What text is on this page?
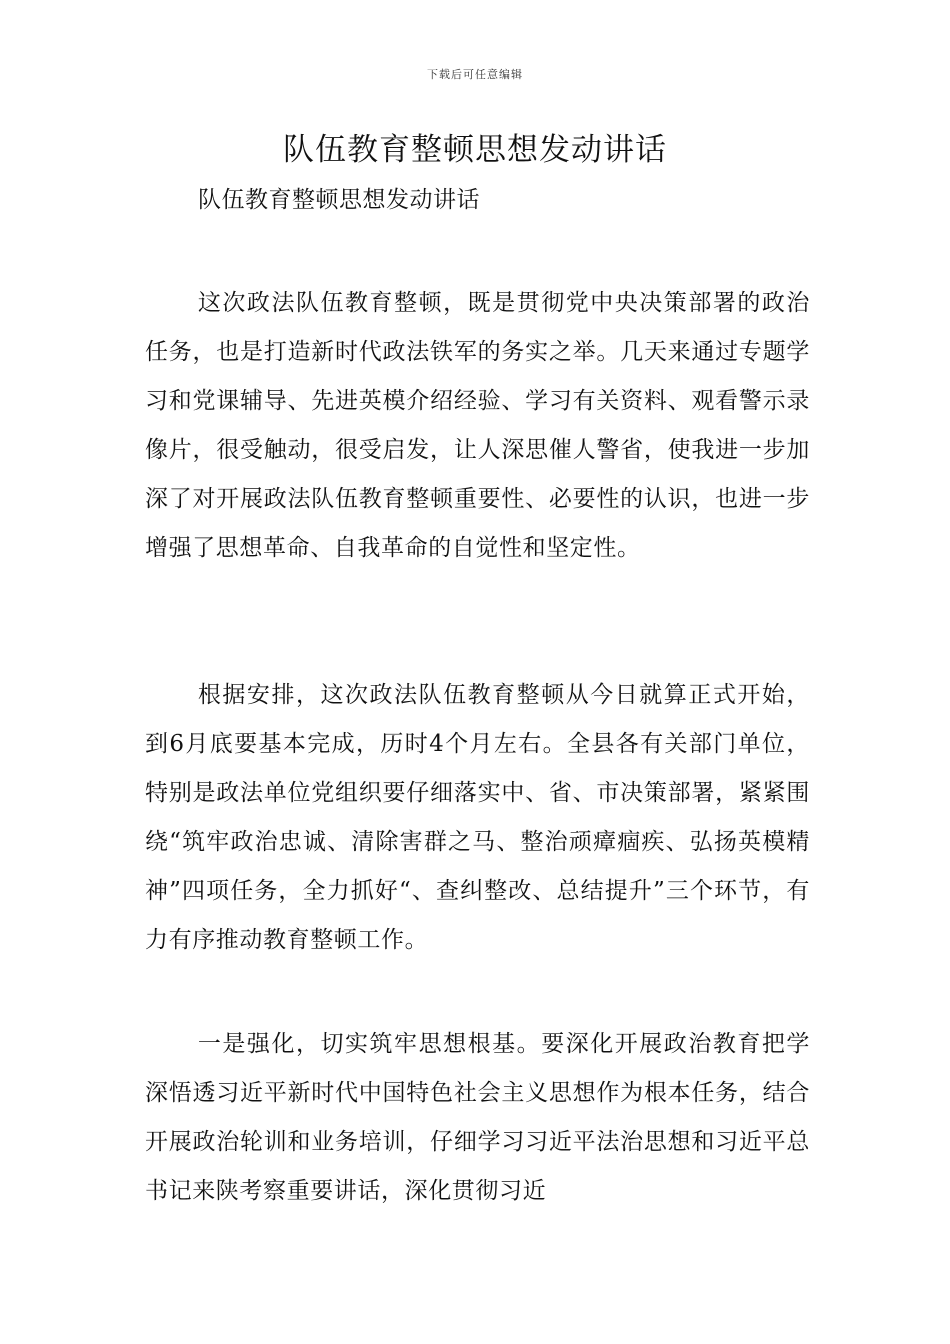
下载后可任意编辑
队伍教育整顿思想发动讲话

队伍教育整顿思想发动讲话

这次政法队伍教育整顿，既是贯彻党中央决策部署的政治任务，也是打造新时代政法铁军的务实之举。几天来通过专题学习和党课辅导、先进英模介绍经验、学习有关资料、观看警示录像片，很受触动，很受启发，让人深思催人警省，使我进一步加深了对开展政法队伍教育整顿重要性、必要性的认识，也进一步增强了思想革命、自我革命的自觉性和坚定性。

根据安排，这次政法队伍教育整顿从今日就算正式开始，到6月底要基本完成，历时4个月左右。全县各有关部门单位，特别是政法单位党组织要仔细落实中、省、市决策部署，紧紧围绕“筑牢政治忠诚、清除害群之马、整治顽瘴痼疾、弘扬英模精神”四项任务，全力抓好“、查纠整改、总结提升”三个环节，有力有序推动教育整顿工作。

一是强化，切实筑牢思想根基。要深化开展政治教育把学深悟透习近平新时代中国特色社会主义思想作为根本任务，结合开展政治轮训和业务培训，仔细学习习近平法治思想和习近平总书记来陕考察重要讲话，深化贯彻习近
